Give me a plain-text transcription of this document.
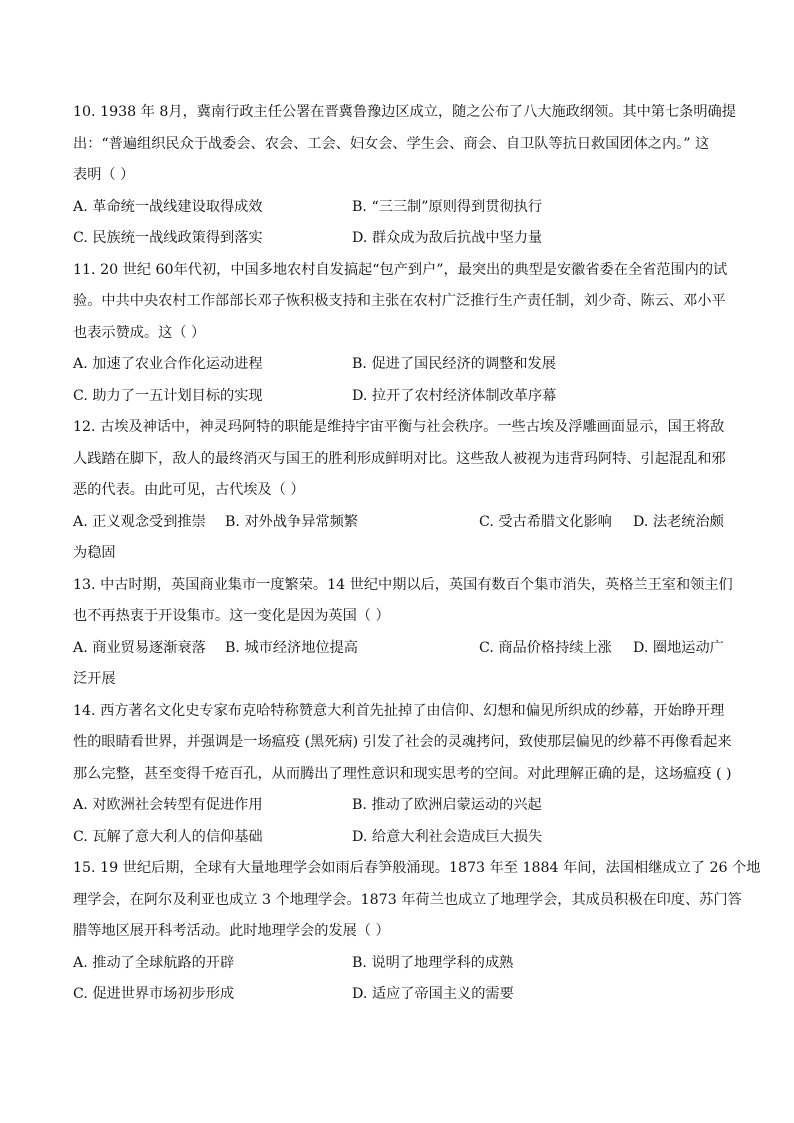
10. 1938 年 8月，冀南行政主任公署在晋冀鲁豫边区成立，随之公布了八大施政纲领。其中第七条明确提
出：“普遍组织民众于战委会、农会、工会、妇女会、学生会、商会、自卫队等抗日救国团体之内。” 这
表明（ ）
A. 革命统一战线建设取得成效	B. “三三制”原则得到贯彻执行
C. 民族统一战线政策得到落实	D. 群众成为敌后抗战中坚力量
11. 20 世纪 60年代初，中国多地农村自发搞起“包产到户”，最突出的典型是安徽省委在全省范围内的试
验。中共中央农村工作部部长邓子恢积极支持和主张在农村广泛推行生产责任制，刘少奇、陈云、邓小平
也表示赞成。这（ ）
A. 加速了农业合作化运动进程	B. 促进了国民经济的调整和发展
C. 助力了一五计划目标的实现	D. 拉开了农村经济体制改革序幕
12. 古埃及神话中，神灵玛阿特的职能是维持宇宙平衡与社会秩序。一些古埃及浮雕画面显示，国王将敌
人践踏在脚下，敌人的最终消灭与国王的胜利形成鲜明对比。这些敌人被视为违背玛阿特、引起混乱和邪
恶的代表。由此可见，古代埃及（ ）
A. 正义观念受到推崇 B. 对外战争异常频繁	C. 受古希腊文化影响 D. 法老统治颇
为稳固
13. 中古时期，英国商业集市一度繁荣。14 世纪中期以后，英国有数百个集市消失，英格兰王室和领主们
也不再热衷于开设集市。这一变化是因为英国（ ）
A. 商业贸易逐渐衰落 B. 城市经济地位提高	C. 商品价格持续上涨 D. 圈地运动广
泛开展
14. 西方著名文化史专家布克哈特称赞意大利首先扯掉了由信仰、幻想和偏见所织成的纱幕，开始睁开理
性的眼睛看世界，并强调是一场瘟疫 (黑死病) 引发了社会的灵魂拷问，致使那层偏见的纱幕不再像看起来
那么完整，甚至变得千疮百孔，从而腾出了理性意识和现实思考的空间。对此理解正确的是，这场瘟疫 ( )
A. 对欧洲社会转型有促进作用	B. 推动了欧洲启蒙运动的兴起
C. 瓦解了意大利人的信仰基础	D. 给意大利社会造成巨大损失
15. 19 世纪后期，全球有大量地理学会如雨后春笋般涌现。1873 年至 1884 年间，法国相继成立了 26 个地
理学会，在阿尔及利亚也成立 3 个地理学会。1873 年荷兰也成立了地理学会，其成员积极在印度、苏门答
腊等地区展开科考活动。此时地理学会的发展（ ）
A. 推动了全球航路的开辟	B. 说明了地理学科的成熟
C. 促进世界市场初步形成	D. 适应了帝国主义的需要
